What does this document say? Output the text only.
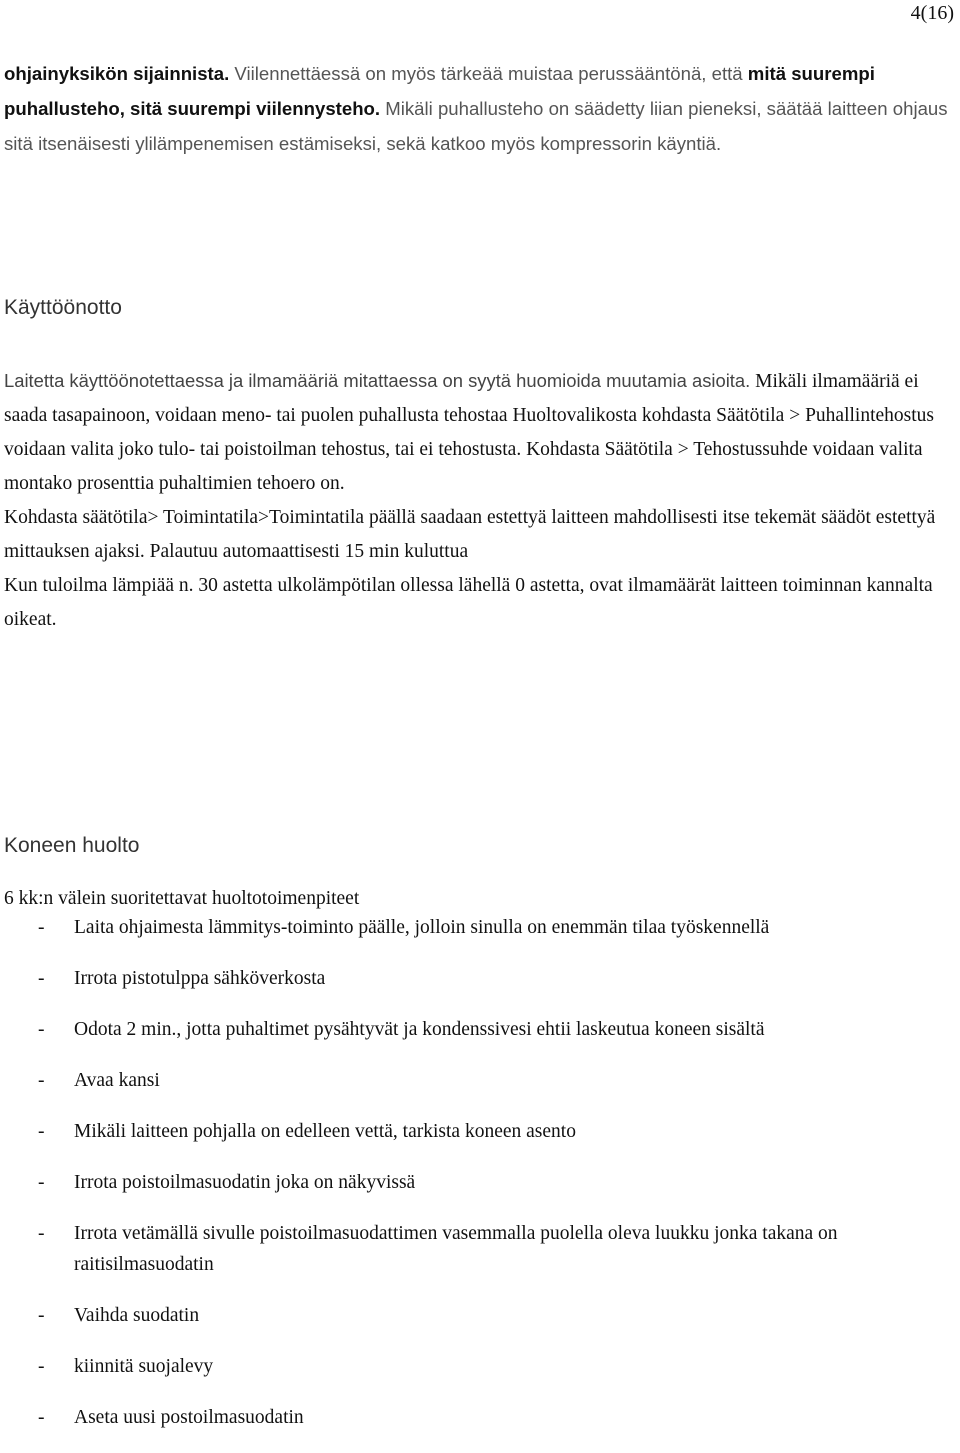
4(16)
ohjainyksikön sijainnista. Viilennettäessä on myös tärkeää muistaa perussääntönä, että mitä suurempi puhallusteho, sitä suurempi viilennysteho. Mikäli puhallusteho on säädetty liian pieneksi, säätää laitteen ohjaus sitä itsenäisesti ylilämpenemisen estämiseksi, sekä katkoo myös kompressorin käyntiä.
Käyttöönotto
Laitetta käyttöönotettaessa ja ilmamääriä mitattaessa on syytä huomioida muutamia asioita. Mikäli ilmamääriä ei saada tasapainoon, voidaan meno- tai puolen puhallusta tehostaa Huoltovalikosta kohdasta Säätötila > Puhallintehostus voidaan valita joko tulo- tai poistoilman tehostus, tai ei tehostusta. Kohdasta Säätötila > Tehostussuhde voidaan valita montako prosenttia puhaltimien tehoero on.
Kohdasta säätötila> Toimintatila>Toimintatila päällä saadaan estettyä laitteen mahdollisesti itse tekemät säädöt estettyä mittauksen ajaksi. Palautuu automaattisesti 15 min kuluttua
Kun tuloilma lämpiää n. 30 astetta ulkolämpötilan ollessa lähellä 0 astetta, ovat ilmamäärät laitteen toiminnan kannalta oikeat.
Koneen huolto
6 kk:n välein suoritettavat huoltotoimenpiteet
- Laita ohjaimesta lämmitys-toiminto päälle, jolloin sinulla on enemmän tilaa työskennellä
- Irrota pistotulppa sähköverkosta
- Odota 2 min., jotta puhaltimet pysähtyvät ja kondenssivesi ehtii laskeutua koneen sisältä
- Avaa kansi
- Mikäli laitteen pohjalla on edelleen vettä, tarkista koneen asento
- Irrota poistoilmasuodatin joka on näkyvissä
- Irrota vetämällä sivulle poistoilmasuodattimen vasemmalla puolella oleva luukku jonka takana on raitisilmasuodatin
- Vaihda suodatin
- kiinnitä suojalevy
- Aseta uusi postoilmasuodatin
